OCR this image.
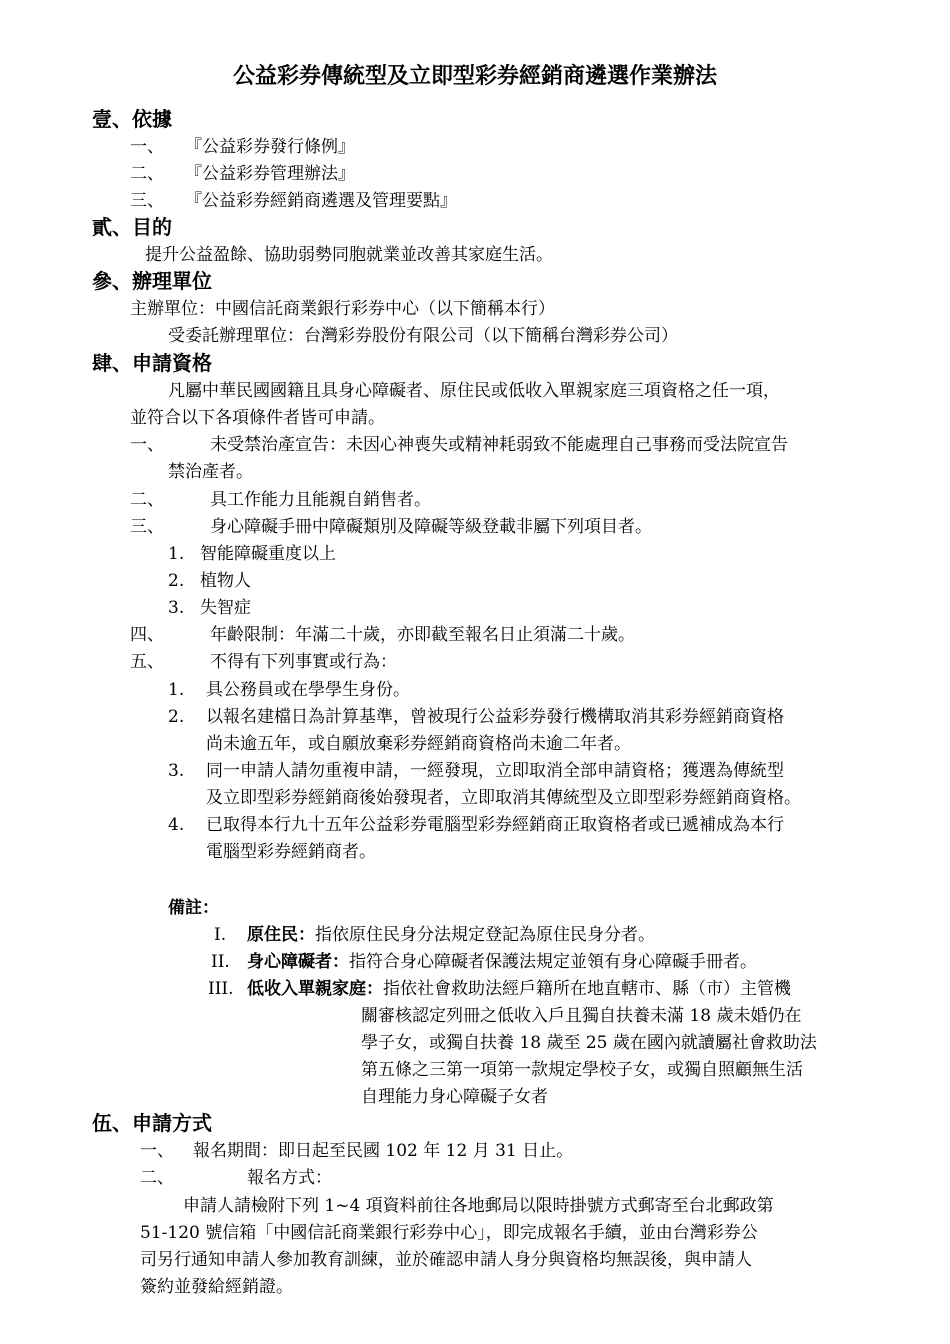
公益彩券傳統型及立即型彩券經銷商遴選作業辦法
壹、依據
一、 『公益彩券發行條例』
二、 『公益彩券管理辦法』
三、 『公益彩券經銷商遴選及管理要點』
貳、目的
提升公益盈餘、協助弱勢同胞就業並改善其家庭生活。
參、辦理單位
主辦單位：中國信託商業銀行彩券中心（以下簡稱本行）
受委託辦理單位：台灣彩券股份有限公司（以下簡稱台灣彩券公司）
肆、申請資格
凡屬中華民國國籍且具身心障礙者、原住民或低收入單親家庭三項資格之任一項，
並符合以下各項條件者皆可申請。
一、	未受禁治產宣告：未因心神喪失或精神耗弱致不能處理自己事務而受法院宣告
禁治產者。
二、	具工作能力且能親自銷售者。
三、	身心障礙手冊中障礙類別及障礙等級登載非屬下列項目者。
1. 智能障礙重度以上
2. 植物人
3. 失智症
四、	年齡限制：年滿二十歲，亦即截至報名日止須滿二十歲。
五、	不得有下列事實或行為：
1. 具公務員或在學學生身份。
2. 以報名建檔日為計算基準，曾被現行公益彩券發行機構取消其彩券經銷商資格
尚未逾五年，或自願放棄彩券經銷商資格尚未逾二年者。
3. 同一申請人請勿重複申請，一經發現，立即取消全部申請資格；獲選為傳統型
及立即型彩券經銷商後始發現者，立即取消其傳統型及立即型彩券經銷商資格。
4. 已取得本行九十五年公益彩券電腦型彩券經銷商正取資格者或已遞補成為本行
電腦型彩券經銷商者。
備註：
I. 原住民：指依原住民身分法規定登記為原住民身分者。
II. 身心障礙者：指符合身心障礙者保護法規定並領有身心障礙手冊者。
III. 低收入單親家庭：指依社會救助法經戶籍所在地直轄市、縣（市）主管機
關審核認定列冊之低收入戶且獨自扶養未滿 18 歲未婚仍在
學子女，或獨自扶養 18 歲至 25 歲在國內就讀屬社會救助法
第五條之三第一項第一款規定學校子女，或獨自照顧無生活
自理能力身心障礙子女者
伍、申請方式
一、 報名期間：即日起至民國 102 年 12 月 31 日止。
二、	報名方式：
申請人請檢附下列 1~4 項資料前往各地郵局以限時掛號方式郵寄至台北郵政第
51-120 號信箱「中國信託商業銀行彩券中心」，即完成報名手續，並由台灣彩券公
司另行通知申請人參加教育訓練，並於確認申請人身分與資格均無誤後，與申請人
簽約並發給經銷證。
